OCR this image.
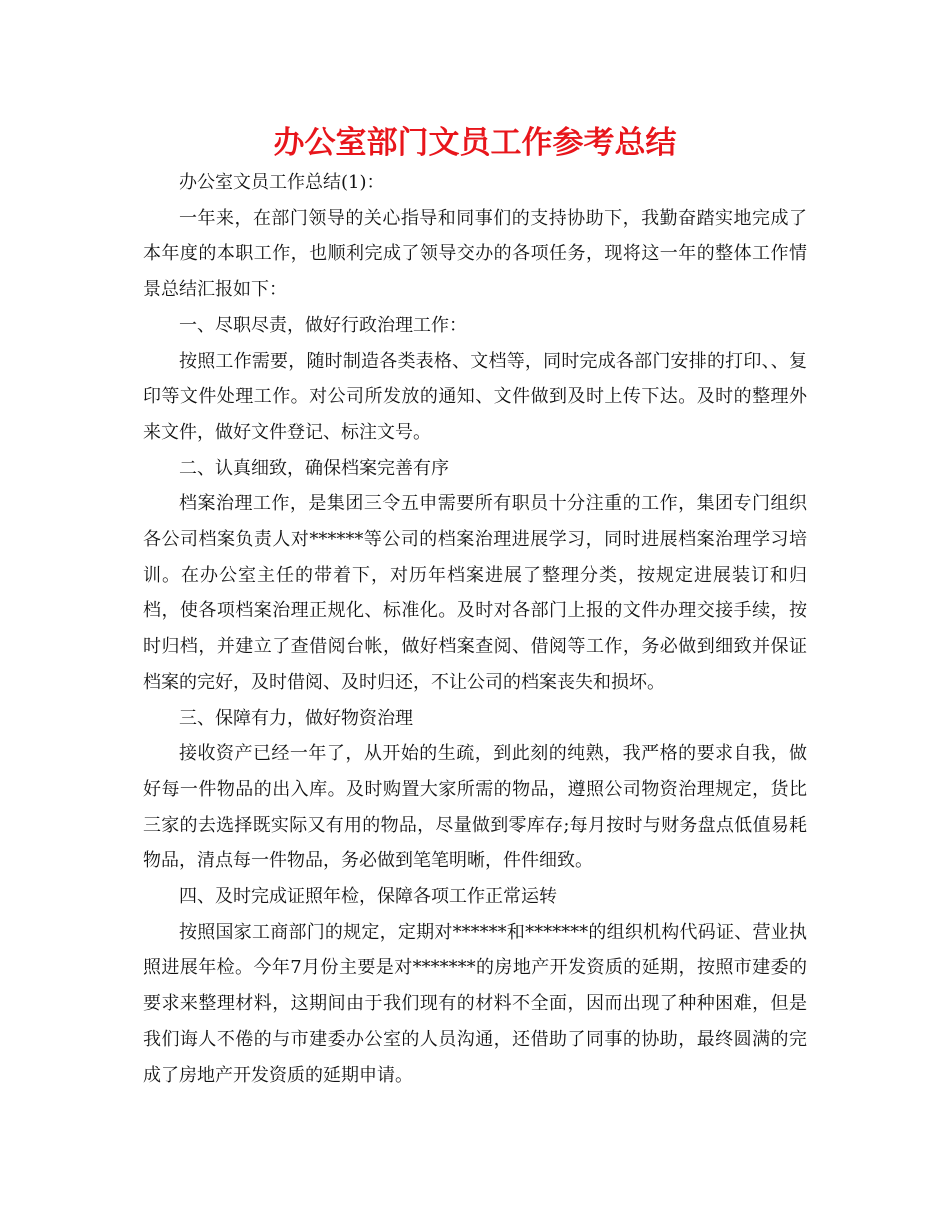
办公室部门文员工作参考总结

办公室文员工作总结(1)：

一年来，在部门领导的关心指导和同事们的支持协助下，我勤奋踏实地完成了本年度的本职工作，也顺利完成了领导交办的各项任务，现将这一年的整体工作情景总结汇报如下：

一、尽职尽责，做好行政治理工作：

按照工作需要，随时制造各类表格、文档等，同时完成各部门安排的打印、、复印等文件处理工作。对公司所发放的通知、文件做到及时上传下达。及时的整理外来文件，做好文件登记、标注文号。

二、认真细致，确保档案完善有序

档案治理工作，是集团三令五申需要所有职员十分注重的工作，集团专门组织各公司档案负责人对******等公司的档案治理进展学习，同时进展档案治理学习培训。在办公室主任的带着下，对历年档案进展了整理分类，按规定进展装订和归档，使各项档案治理正规化、标准化。及时对各部门上报的文件办理交接手续，按时归档，并建立了查借阅台帐，做好档案查阅、借阅等工作，务必做到细致并保证档案的完好，及时借阅、及时归还，不让公司的档案丧失和损坏。

三、保障有力，做好物资治理

接收资产已经一年了，从开始的生疏，到此刻的纯熟，我严格的要求自我，做好每一件物品的出入库。及时购置大家所需的物品，遵照公司物资治理规定，货比三家的去选择既实际又有用的物品，尽量做到零库存;每月按时与财务盘点低值易耗物品，清点每一件物品，务必做到笔笔明晰，件件细致。

四、及时完成证照年检，保障各项工作正常运转

按照国家工商部门的规定，定期对******和*******的组织机构代码证、营业执照进展年检。今年7月份主要是对*******的房地产开发资质的延期，按照市建委的要求来整理材料，这期间由于我们现有的材料不全面，因而出现了种种困难，但是我们诲人不倦的与市建委办公室的人员沟通，还借助了同事的协助，最终圆满的完成了房地产开发资质的延期申请。
